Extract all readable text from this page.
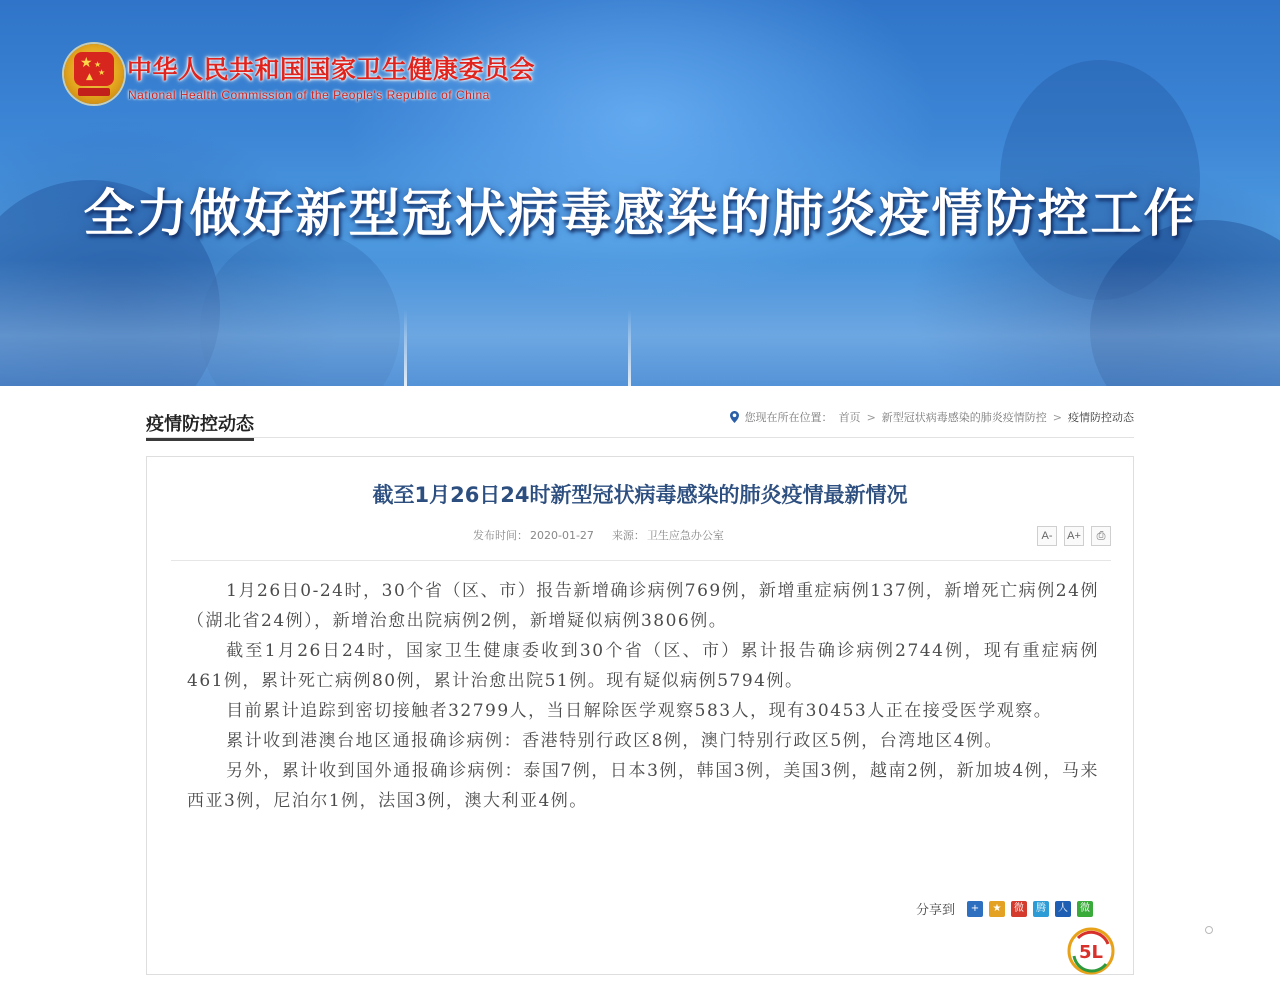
★ ★
★
▲ 中华人民共和国国家卫生健康委员会
National Health Commission of the People's Republic of China
全力做好新型冠状病毒感染的肺炎疫情防控工作
疫情防控动态	您现在所在位置： 首页 > 新型冠状病毒感染的肺炎疫情防控 > 疫情防控动态
截至1月26日24时新型冠状病毒感染的肺炎疫情最新情况
发布时间： 2020-01-27 来源： 卫生应急办公室	A-	A+ ⎙

1月26日0-24时，30个省（区、市）报告新增确诊病例769例，新增重症病例137例，新增死亡病例24例（湖北省24例），新增治愈出院病例2例，新增疑似病例3806例。

截至1月26日24时，国家卫生健康委收到30个省（区、市）累计报告确诊病例2744例，现有重症病例461例，累计死亡病例80例，累计治愈出院51例。现有疑似病例5794例。

目前累计追踪到密切接触者32799人，当日解除医学观察583人，现有30453人正在接受医学观察。

累计收到港澳台地区通报确诊病例：香港特别行政区8例，澳门特别行政区5例，台湾地区4例。

另外，累计收到国外通报确诊病例：泰国7例，日本3例，韩国3例，美国3例，越南2例，新加坡4例，马来西亚3例，尼泊尔1例，法国3例，澳大利亚4例。

分享到	+	★	微	腾	人	微
5L
